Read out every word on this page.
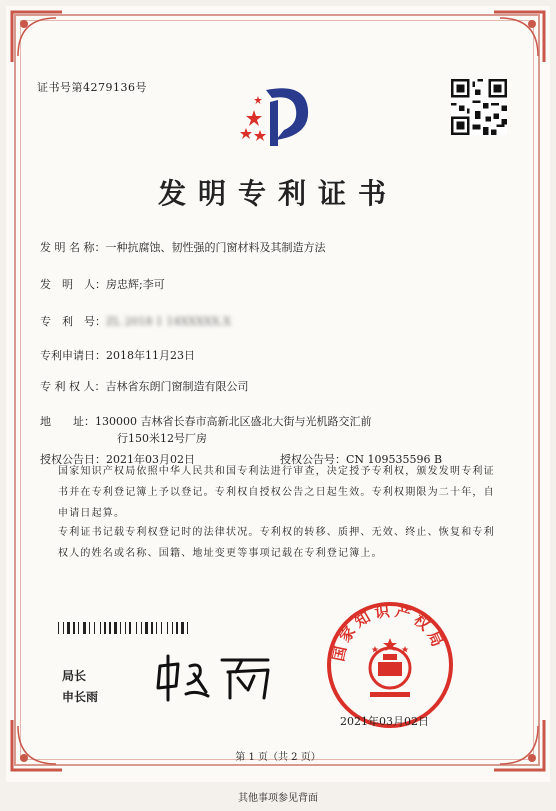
证书号第4279136号
发明专利证书
发 明 名 称：一种抗腐蚀、韧性强的门窗材料及其制造方法
发　明　人：房忠辉;李可
专　利　号：ZL 2018 1 14XXXXX.X
专利申请日：2018年11月23日
专 利 权 人：吉林省东朗门窗制造有限公司
地　　址：130000 吉林省长春市高新北区盛北大街与光机路交汇前
行150米12号厂房
授权公告日：2021年03月02日	授权公告号：CN 109535596 B
国家知识产权局依照中华人民共和国专利法进行审查，决定授予专利权，颁发发明专利证书并在专利登记簿上予以登记。专利权自授权公告之日起生效。专利权期限为二十年，自申请日起算。
专利证书记载专利权登记时的法律状况。专利权的转移、质押、无效、终止、恢复和专利权人的姓名或名称、国籍、地址变更等事项记载在专利登记簿上。
局长
申长雨
国家知识产权局
2021年03月02日
第 1 页（共 2 页）
其他事项参见背面
